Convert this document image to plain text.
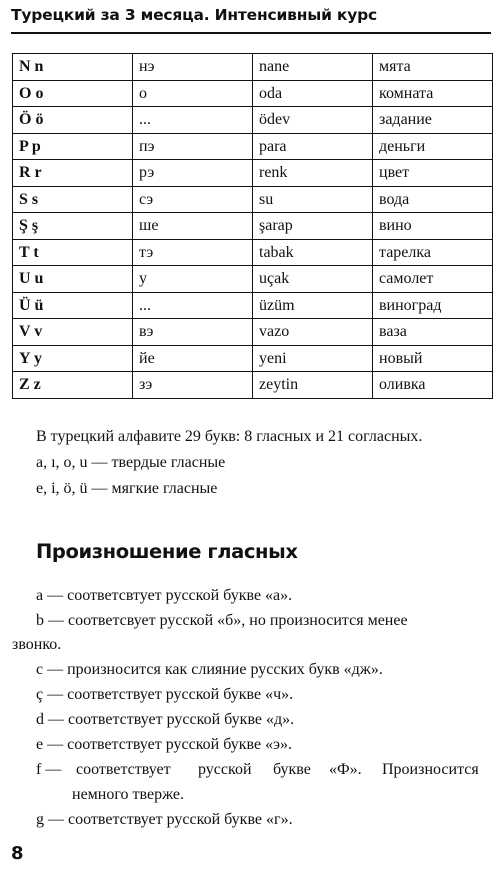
Турецкий за 3 месяца. Интенсивный курс
N n	нэ	nane	мята
O o	о	oda	комната
Ö ö	...	ödev	задание
P p	пэ	para	деньги
R r	рэ	renk	цвет
S s	сэ	su	вода
Ş ş	ше	şarap	вино
T t	тэ	tabak	тарелка
U u	у	uçak	самолет
Ü ü	...	üzüm	виноград
V v	вэ	vazo	ваза
Y y	йе	yeni	новый
Z z	зэ	zeytin	оливка
В турецкий алфавите 29 букв: 8 гласных и 21 согласных.
a, ı, o, u — твердые гласные
e, i, ö, ü — мягкие гласные
Произношение гласных
a — соответсвтует русской букве «а».
b — соответсвует русской «б», но произносится менее
звонко.
c — произносится как слияние русских букв «дж».
ç — соответствует русской букве «ч».
d — соответствует русской букве «д».
e — соответствует русской букве «э».
f — соответствует русской букве «Ф». Произносится
немного тверже.
g — соответствует русской букве «г».
8
